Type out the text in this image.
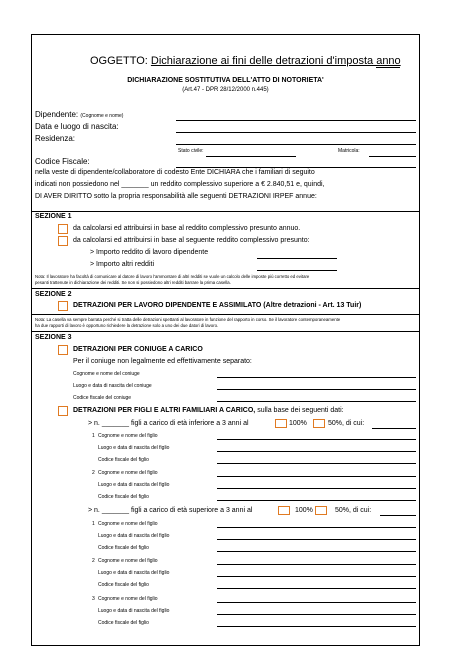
OGGETTO: Dichiarazione ai fini delle detrazioni d'imposta anno
DICHIARAZIONE SOSTITUTIVA DELL'ATTO DI NOTORIETA'
(Art.47 - DPR 28/12/2000 n.445)
Dipendente: (Cognome e nome)
Data e luogo di nascita:
Residenza:
Stato civile:	Matricola:
Codice Fiscale:
nella veste di dipendente/collaboratore di codesto Ente DICHIARA che i familiari di seguito
indicati non possiedono nel _______ un reddito complessivo superiore a € 2.840,51 e, quindi,
DI AVER DIRITTO sotto la propria responsabilità alle seguenti DETRAZIONI IRPEF annue:
SEZIONE 1
da calcolarsi ed attribuirsi in base al reddito complessivo presunto annuo.
da calcolarsi ed attribuirsi in base al seguente reddito complessivo presunto:
> Importo reddito di lavoro dipendente
> Importo altri redditi
Nota: Il lavoratore ha facoltà di comunicare al datore di lavoro l'ammontare di altri redditi se vuole un calcolo delle imposte più corretto ed evitare
pesanti trattenute in dichiarazione dei redditi. Se non si possiedono altri redditi barrare la prima casella.
SEZIONE 2
DETRAZIONI PER LAVORO DIPENDENTE E ASSIMILATO (Altre detrazioni - Art. 13 Tuir)
Nota: La casella va sempre barrata perché si tratta delle detrazioni spettanti al lavoratore in funzione del rapporto in corso. Se il lavoratore contemporaneamente
ha due rapporti di lavoro è opportuno richiedere la detrazione solo a uno dei due datori di lavoro.
SEZIONE 3
DETRAZIONI PER CONIUGE A CARICO
Per il coniuge non legalmente ed effettivamente separato:
Cognome e nome del coniuge
Luogo e data di nascita del coniuge
Codice fiscale del coniuge
DETRAZIONI PER FIGLI E ALTRI FAMILIARI A CARICO, sulla base dei seguenti dati:
> n. _______ figli a carico di età inferiore a 3 anni al	100%	50%, di cui:
1 Cognome e nome del figlio
Luogo e data di nascita del figlio
Codice fiscale del figlio
2 Cognome e nome del figlio
Luogo e data di nascita del figlio
Codice fiscale del figlio
> n. _______ figli a carico di età superiore a 3 anni al	100%	50%, di cui:
1 Cognome e nome del figlio
Luogo e data di nascita del figlio
Codice fiscale del figlio
2 Cognome e nome del figlio
Luogo e data di nascita del figlio
Codice fiscale del figlio
3 Cognome e nome del figlio
Luogo e data di nascita del figlio
Codice fiscale del figlio
